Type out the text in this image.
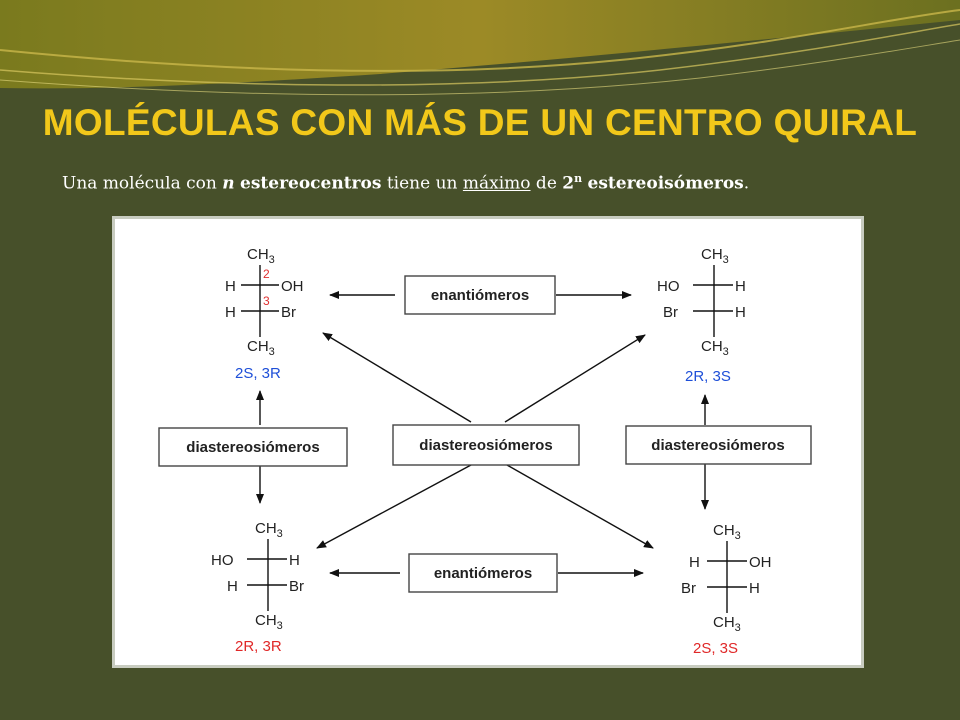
MOLÉCULAS CON MÁS DE UN CENTRO QUIRAL
Una molécula con n estereocentros tiene un máximo de 2$^n$ estereoisómeros.
$CH_3$
H	OH
H	Br
2
3
$CH_3$
2S, 3R
$CH_3$
HO	H
Br	H
$CH_3$
2R, 3S
$CH_3$
HO	H
H	Br
$CH_3$
2R, 3R
$CH_3$
H	OH
Br	H
$CH_3$
2S, 3S
enantiómeros
enantiómeros
diastereosiómeros	diastereosiómeros
diastereosiómeros
